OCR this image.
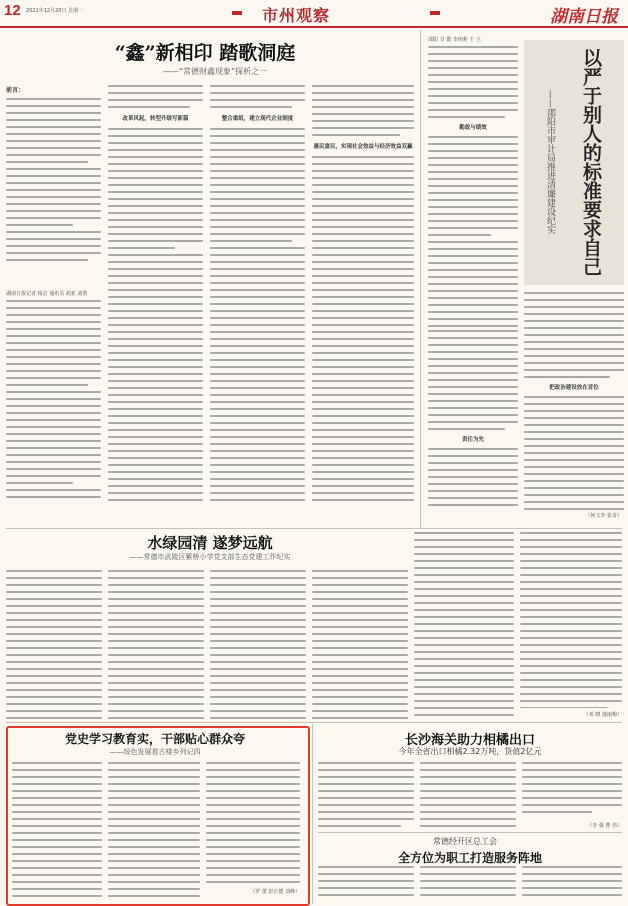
12 2021年12月20日 星期一	市州观察	湖南日报
“鑫”新相印 踏歌洞庭
——“常德财鑫现象”探析之一
前言：
湖南日报记者 杨洁 通讯员 胡亚 刘勇
改革风起，转型升级写新篇	整合重组，建立现代企业制度
惠民富民，实现社会效益与经济效益双赢
邵阳 甘 郡 李玥莉 王 立
勤政与绩效
责任为先
以严于别人的标准要求自己
——邵阳市审计局推进清廉建设纪实
把政治建设放在首位
（何文李 张奇）
水绿园清 遂梦远航
——常德市武陵区紫桥小学党支部生态党建工作纪实
（邓 晓 蒲丽梅）
党史学习教育实，干部贴心群众夸
——绥色发展看古楼乡列记四
（罗 蕾 彭正德 刘峰）
长沙海关助力相橘出口
今年全省出口相橘2.32万吨，货值2亿元
（李 强 曹 伟）
常德经开区总工会
全方位为职工打造服务阵地
